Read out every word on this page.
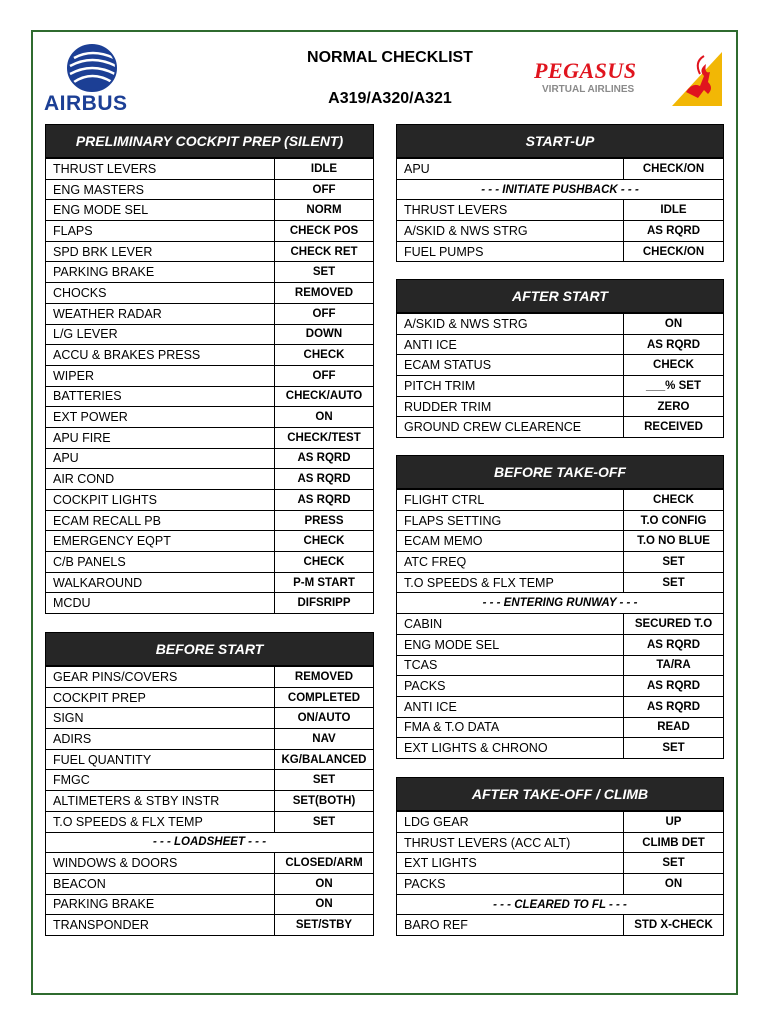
AIRBUS
NORMAL CHECKLIST
A319/A320/A321
PEGASUS
VIRTUAL AIRLINES
PRELIMINARY COCKPIT PREP (SILENT)
THRUST LEVERS	IDLE
ENG MASTERS	OFF
ENG MODE SEL	NORM
FLAPS	CHECK POS
SPD BRK LEVER	CHECK RET
PARKING BRAKE	SET
CHOCKS	REMOVED
WEATHER RADAR	OFF
L/G LEVER	DOWN
ACCU & BRAKES PRESS	CHECK
WIPER	OFF
BATTERIES	CHECK/AUTO
EXT POWER	ON
APU FIRE	CHECK/TEST
APU	AS RQRD
AIR COND	AS RQRD
COCKPIT LIGHTS	AS RQRD
ECAM RECALL PB	PRESS
EMERGENCY EQPT	CHECK
C/B PANELS	CHECK
WALKAROUND	P-M START
MCDU	DIFSRIPP
BEFORE START
GEAR PINS/COVERS	REMOVED
COCKPIT PREP	COMPLETED
SIGN	ON/AUTO
ADIRS	NAV
FUEL QUANTITY	KG/BALANCED
FMGC	SET
ALTIMETERS & STBY INSTR	SET(BOTH)
T.O SPEEDS & FLX TEMP	SET
- - - LOADSHEET - - -	
WINDOWS & DOORS	CLOSED/ARM
BEACON	ON
PARKING BRAKE	ON
TRANSPONDER	SET/STBY
START-UP
APU	CHECK/ON
- - - INITIATE PUSHBACK - - -	
THRUST LEVERS	IDLE
A/SKID & NWS STRG	AS RQRD
FUEL PUMPS	CHECK/ON
AFTER START
A/SKID & NWS STRG	ON
ANTI ICE	AS RQRD
ECAM STATUS	CHECK
PITCH TRIM	___% SET
RUDDER TRIM	ZERO
GROUND CREW CLEARENCE	RECEIVED
BEFORE TAKE-OFF
FLIGHT CTRL	CHECK
FLAPS SETTING	T.O CONFIG
ECAM MEMO	T.O NO BLUE
ATC FREQ	SET
T.O SPEEDS & FLX TEMP	SET
- - - ENTERING RUNWAY - - -	
CABIN	SECURED T.O
ENG MODE SEL	AS RQRD
TCAS	TA/RA
PACKS	AS RQRD
ANTI ICE	AS RQRD
FMA & T.O DATA	READ
EXT LIGHTS & CHRONO	SET
AFTER TAKE-OFF / CLIMB
LDG GEAR	UP
THRUST LEVERS (ACC ALT)	CLIMB DET
EXT LIGHTS	SET
PACKS	ON
- - - CLEARED TO FL - - -	
BARO REF	STD X-CHECK
